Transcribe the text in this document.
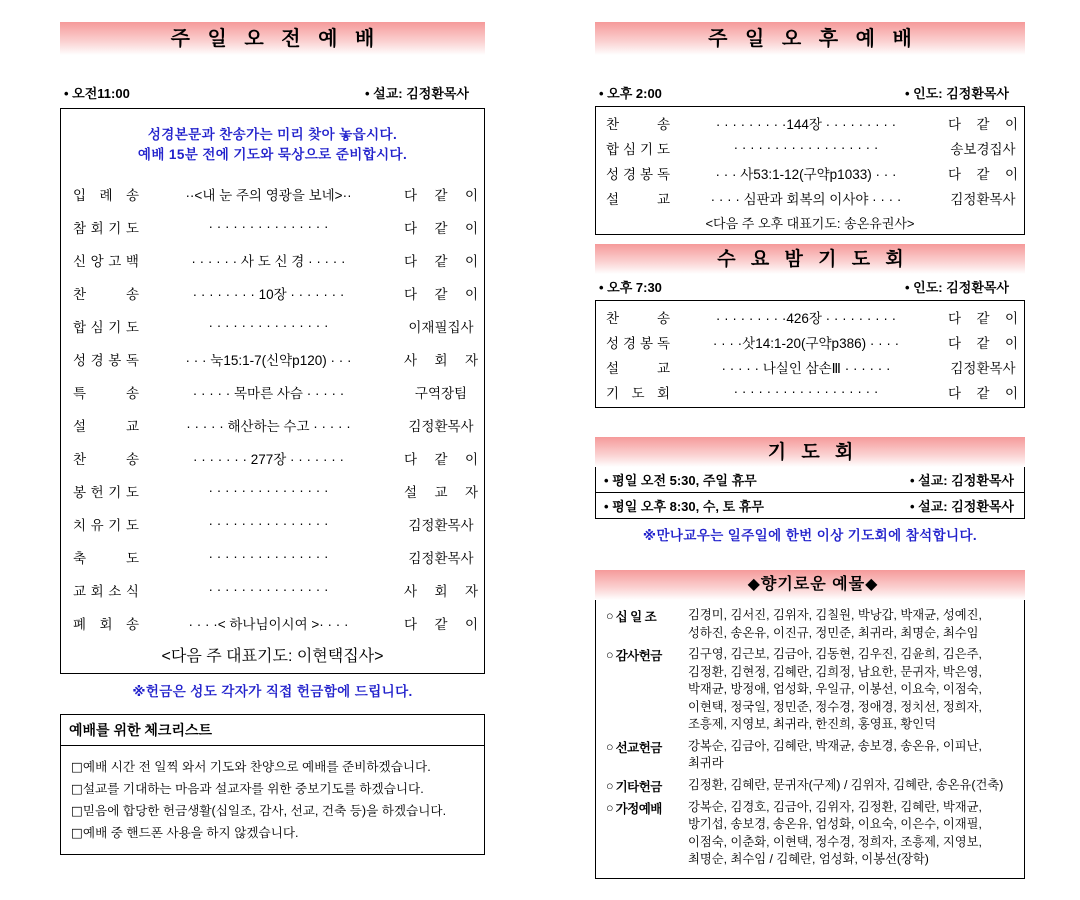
주 일 오 전 예 배
• 오전11:00	• 설교: 김정환목사
성경본문과 찬송가는 미리 찾아 놓읍시다.
예배 15분 전에 기도와 묵상으로 준비합시다.
입 례 송	··<내 눈 주의 영광을 보네>··	다 같 이
참 회 기 도	· · · · · · · · · · · · · · ·	다 같 이
신 앙 고 백	· · · · · · 사 도 신 경 · · · · ·	다 같 이
찬	송	· · · · · · · · 10장 · · · · · · ·	다 같 이
합 심 기 도	· · · · · · · · · · · · · · ·	이재필집사
성 경 봉 독	· · · 눅15:1-7(신약p120) · · ·	사 회 자
특	송	· · · · · 목마른 사슴 · · · · ·	구역장팀
설	교	· · · · · 해산하는 수고 · · · · ·	김정환목사
찬	송	· · · · · · · 277장 · · · · · · ·	다 같 이
봉 헌 기 도	· · · · · · · · · · · · · · ·	설 교 자
치 유 기 도	· · · · · · · · · · · · · · ·	김정환목사
축	도	· · · · · · · · · · · · · · ·	김정환목사
교 회 소 식	· · · · · · · · · · · · · · ·	사 회 자
폐 회 송	· · · ·< 하나님이시여 >· · · ·	다 같 이
<다음 주 대표기도: 이현택집사>
※헌금은 성도 각자가 직접 헌금함에 드립니다.
예배를 위한 체크리스트
□예배 시간 전 일찍 와서 기도와 찬양으로 예배를 준비하겠습니다.
□설교를 기대하는 마음과 설교자를 위한 중보기도를 하겠습니다.
□믿음에 합당한 헌금생활(십일조, 감사, 선교, 건축 등)을 하겠습니다.
□예배 중 핸드폰 사용을 하지 않겠습니다.
주 일 오 후 예 배
• 오후 2:00	• 인도: 김정환목사
찬	송	· · · · · · · · ·144장 · · · · · · · · ·	다 같 이
합 심 기 도	· · · · · · · · · · · · · · · · · ·	송보경집사
성 경 봉 독	· · · 사53:1-12(구약p1033) · · ·	다 같 이
설	교	· · · · 심판과 회복의 이사야 · · · ·	김정환목사
<다음 주 오후 대표기도: 송온유권사>
수 요 밤 기 도 회
• 오후 7:30	• 인도: 김정환목사
찬	송	· · · · · · · · ·426장 · · · · · · · · ·	다 같 이
성 경 봉 독	· · · ·삿14:1-20(구약p386) · · · ·	다 같 이
설	교	· · · · · 나실인 삼손Ⅲ · · · · · ·	김정환목사
기 도 회	· · · · · · · · · · · · · · · · · ·	다 같 이
기 도 회
• 평일 오전 5:30, 주일 휴무	• 설교: 김정환목사
• 평일 오후 8:30, 수, 토 휴무	• 설교: 김정환목사
※만나교우는 일주일에 한번 이상 기도회에 참석합니다.
◆향기로운 예물◆
○ 십 일 조	김경미, 김서진, 김위자, 김칠원, 박낭갑, 박재균, 성예진, 성하진, 송온유, 이진규, 정민준, 최귀라, 최명순, 최수임
○ 감사헌금 김구영, 김근보, 김금아, 김동현, 김우진, 김윤희, 김은주, 김정환, 김현정, 김혜란, 김희정, 남요한, 문귀자, 박은영, 박재균, 방정애, 엄성화, 우일규, 이봉선, 이요숙, 이점숙, 이현택, 정국일, 정민준, 정수경, 정애경, 정치선, 정희자, 조흥제, 지영보, 최귀라, 한진희, 홍영표, 황인덕
○ 선교헌금 강복순, 김금아, 김혜란, 박재균, 송보경, 송온유, 이피난, 최귀라
○ 기타헌금 김정환, 김혜란, 문귀자(구제) / 김위자, 김혜란, 송온유(건축)
○ 가정예배 강복순, 김경호, 김금아, 김위자, 김정환, 김혜란, 박재균, 방기섭, 송보경, 송온유, 엄성화, 이요숙, 이은수, 이재필, 이점숙, 이춘화, 이현택, 정수경, 정희자, 조흥제, 지영보, 최명순, 최수임 / 김혜란, 엄성화, 이봉선(장학)
